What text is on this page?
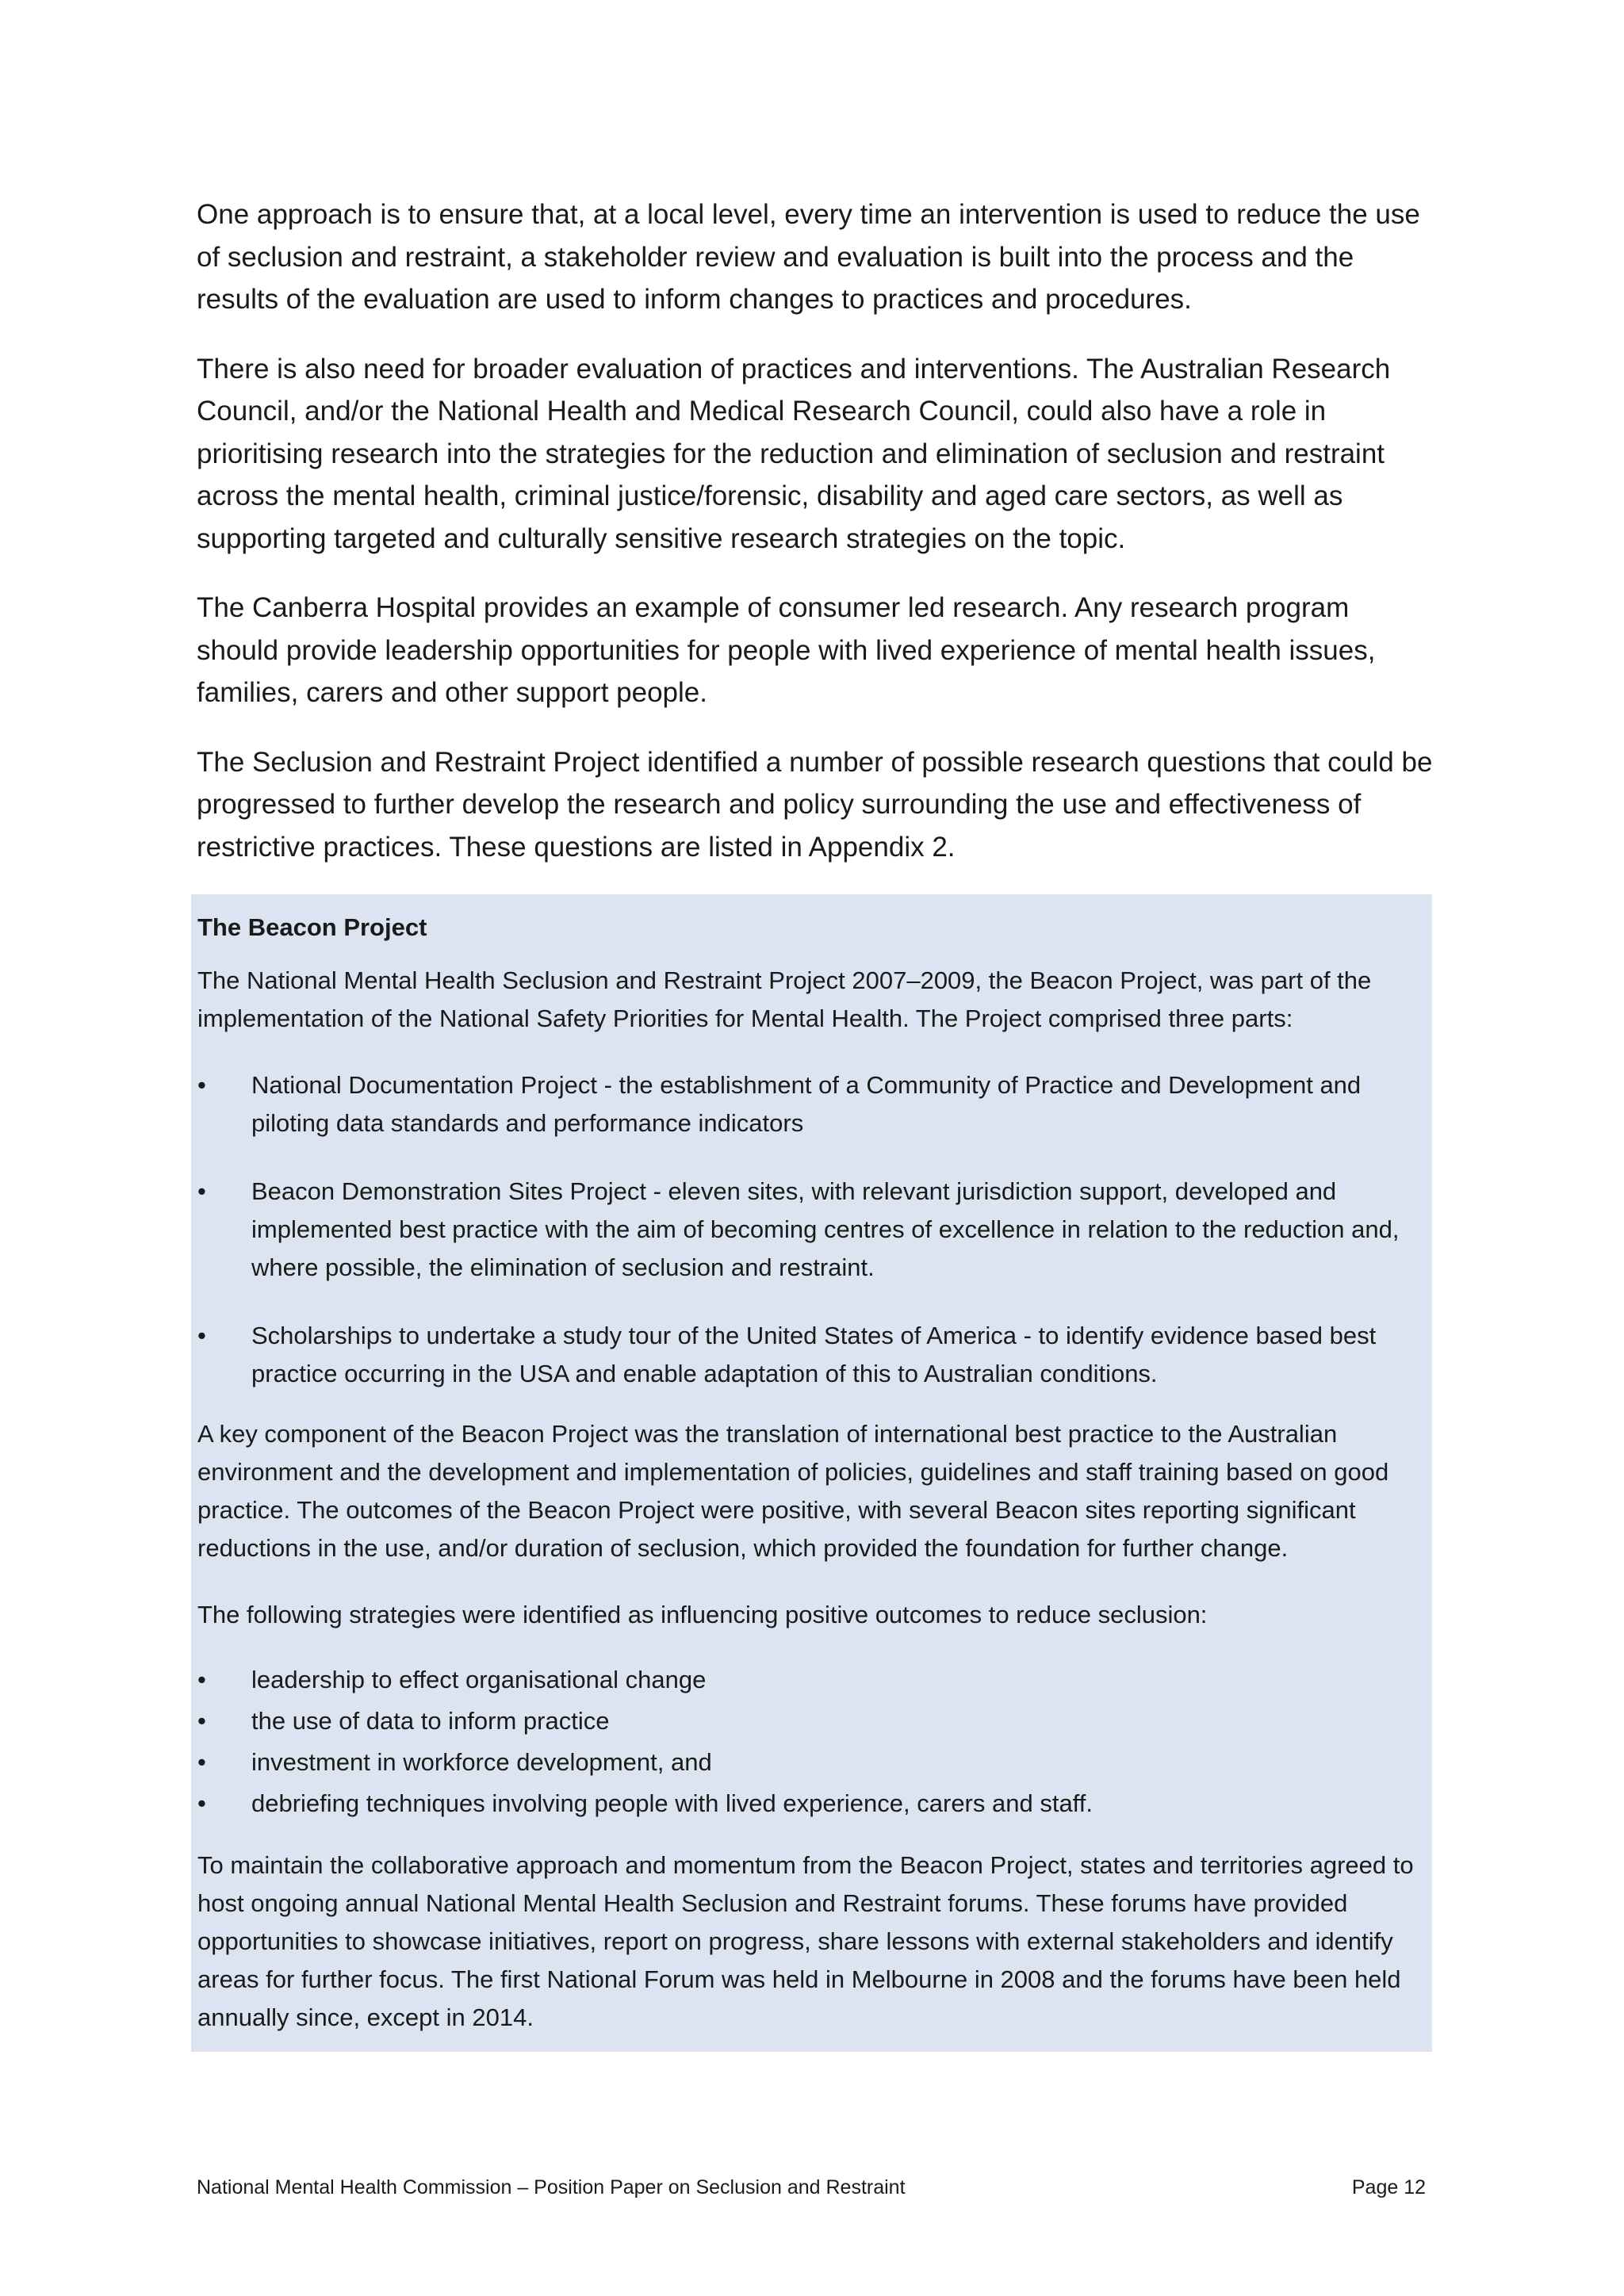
One approach is to ensure that, at a local level, every time an intervention is used to reduce the use of seclusion and restraint, a stakeholder review and evaluation is built into the process and the results of the evaluation are used to inform changes to practices and procedures.

There is also need for broader evaluation of practices and interventions. The Australian Research Council, and/or the National Health and Medical Research Council, could also have a role in prioritising research into the strategies for the reduction and elimination of seclusion and restraint across the mental health, criminal justice/forensic, disability and aged care sectors, as well as supporting targeted and culturally sensitive research strategies on the topic.

The Canberra Hospital provides an example of consumer led research. Any research program should provide leadership opportunities for people with lived experience of mental health issues, families, carers and other support people.

The Seclusion and Restraint Project identified a number of possible research questions that could be progressed to further develop the research and policy surrounding the use and effectiveness of restrictive practices. These questions are listed in Appendix 2.

The Beacon Project

The National Mental Health Seclusion and Restraint Project 2007–2009, the Beacon Project, was part of the implementation of the National Safety Priorities for Mental Health. The Project comprised three parts:

• National Documentation Project - the establishment of a Community of Practice and Development and piloting data standards and performance indicators
• Beacon Demonstration Sites Project - eleven sites, with relevant jurisdiction support, developed and implemented best practice with the aim of becoming centres of excellence in relation to the reduction and, where possible, the elimination of seclusion and restraint.
• Scholarships to undertake a study tour of the United States of America - to identify evidence based best practice occurring in the USA and enable adaptation of this to Australian conditions.

A key component of the Beacon Project was the translation of international best practice to the Australian environment and the development and implementation of policies, guidelines and staff training based on good practice. The outcomes of the Beacon Project were positive, with several Beacon sites reporting significant reductions in the use, and/or duration of seclusion, which provided the foundation for further change.

The following strategies were identified as influencing positive outcomes to reduce seclusion:

• leadership to effect organisational change
• the use of data to inform practice
• investment in workforce development, and
• debriefing techniques involving people with lived experience, carers and staff.

To maintain the collaborative approach and momentum from the Beacon Project, states and territories agreed to host ongoing annual National Mental Health Seclusion and Restraint forums. These forums have provided opportunities to showcase initiatives, report on progress, share lessons with external stakeholders and identify areas for further focus. The first National Forum was held in Melbourne in 2008 and the forums have been held annually since, except in 2014.

National Mental Health Commission – Position Paper on Seclusion and Restraint	Page 12
